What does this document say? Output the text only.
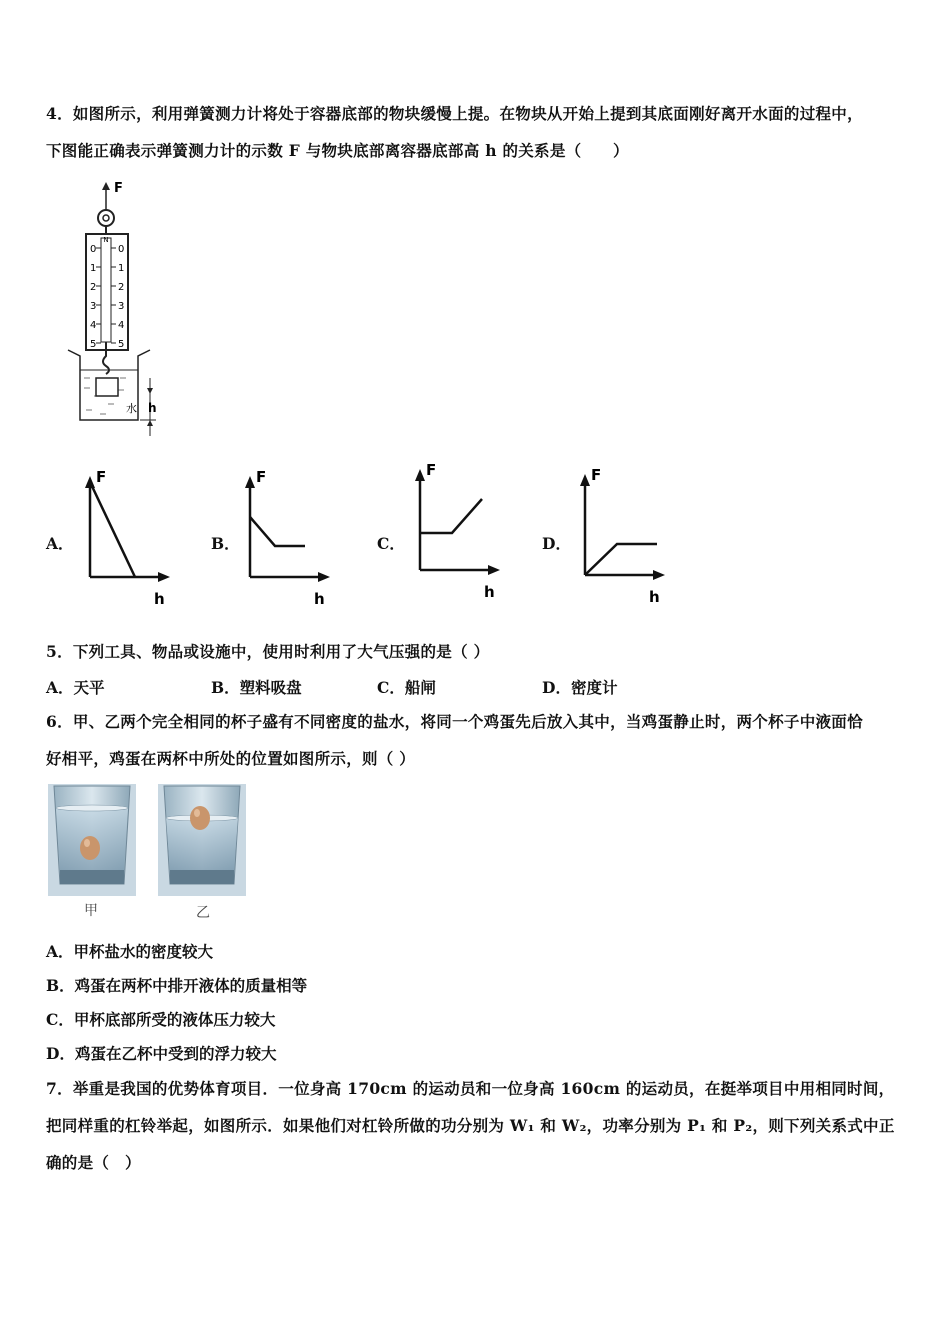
4．如图所示，利用弹簧测力计将处于容器底部的物块缓慢上提。在物块从开始上提到其底面刚好离开水面的过程中，
下图能正确表示弹簧测力计的示数 F 与物块底部离容器底部高 h 的关系是（　　）
F
N
0
1
2
3
4
5
0
1
2
3
4
5
水 h
A．
F
h
B．
F
h
C．
F
h
D．
F
h
5．下列工具、物品或设施中，使用时利用了大气压强的是（ ）
A．天平	B．塑料吸盘	C．船闸	D．密度计
6．甲、乙两个完全相同的杯子盛有不同密度的盐水，将同一个鸡蛋先后放入其中，当鸡蛋静止时，两个杯子中液面恰
好相平，鸡蛋在两杯中所处的位置如图所示，则（ ）
甲	乙
A．甲杯盐水的密度较大
B．鸡蛋在两杯中排开液体的质量相等
C．甲杯底部所受的液体压力较大
D．鸡蛋在乙杯中受到的浮力较大
7．举重是我国的优势体育项目．一位身高 170cm 的运动员和一位身高 160cm 的运动员，在挺举项目中用相同时间，
把同样重的杠铃举起，如图所示．如果他们对杠铃所做的功分别为 W₁ 和 W₂，功率分别为 P₁ 和 P₂，则下列关系式中正
确的是（　）
